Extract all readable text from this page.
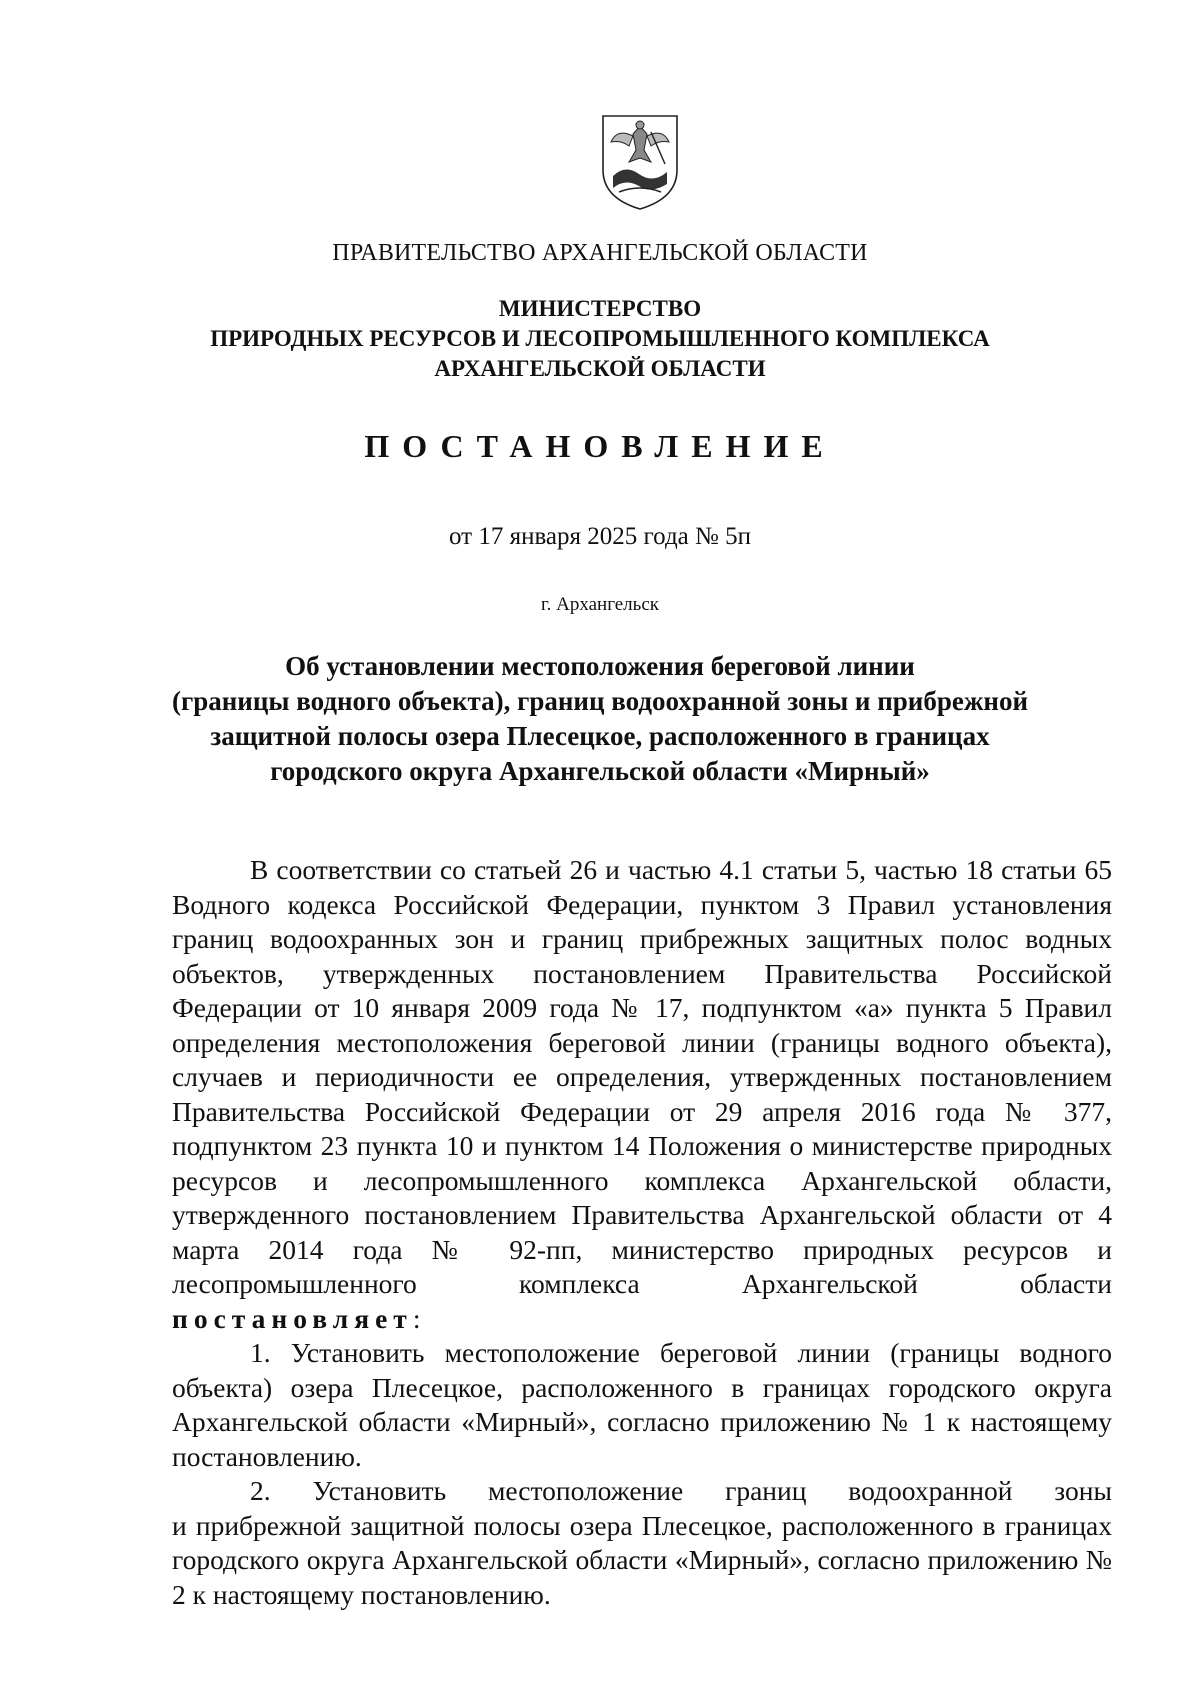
ПРАВИТЕЛЬСТВО АРХАНГЕЛЬСКОЙ ОБЛАСТИ
МИНИСТЕРСТВО
ПРИРОДНЫХ РЕСУРСОВ И ЛЕСОПРОМЫШЛЕННОГО КОМПЛЕКСА
АРХАНГЕЛЬСКОЙ ОБЛАСТИ
ПОСТАНОВЛЕНИЕ
от 17 января 2025 года № 5п
г. Архангельск
Об установлении местоположения береговой линии
(границы водного объекта), границ водоохранной зоны и прибрежной
защитной полосы озера Плесецкое, расположенного в границах
городского округа Архангельской области «Мирный»

В соответствии со статьей 26 и частью 4.1 статьи 5, частью 18 статьи 65 Водного кодекса Российской Федерации, пунктом 3 Правил установления границ водоохранных зон и границ прибрежных защитных полос водных объектов, утвержденных постановлением Правительства Российской Федерации от 10 января 2009 года № 17, подпунктом «а» пункта 5 Правил определения местоположения береговой линии (границы водного объекта), случаев и периодичности ее определения, утвержденных постановлением Правительства Российской Федерации от 29 апреля 2016 года № 377, подпунктом 23 пункта 10 и пунктом 14 Положения о министерстве природных ресурсов и лесопромышленного комплекса Архангельской области, утвержденного постановлением Правительства Архангельской области от 4 марта 2014 года № 92-пп, министерство природных ресурсов и лесопромышленного комплекса Архангельской области

постановляет:

1. Установить местоположение береговой линии (границы водного объекта) озера Плесецкое, расположенного в границах городского округа Архангельской области «Мирный», согласно приложению № 1 к настоящему постановлению.

2. Установить местоположение границ водоохранной зоны

и прибрежной защитной полосы озера Плесецкое, расположенного в границах городского округа Архангельской области «Мирный», согласно приложению № 2 к настоящему постановлению.
